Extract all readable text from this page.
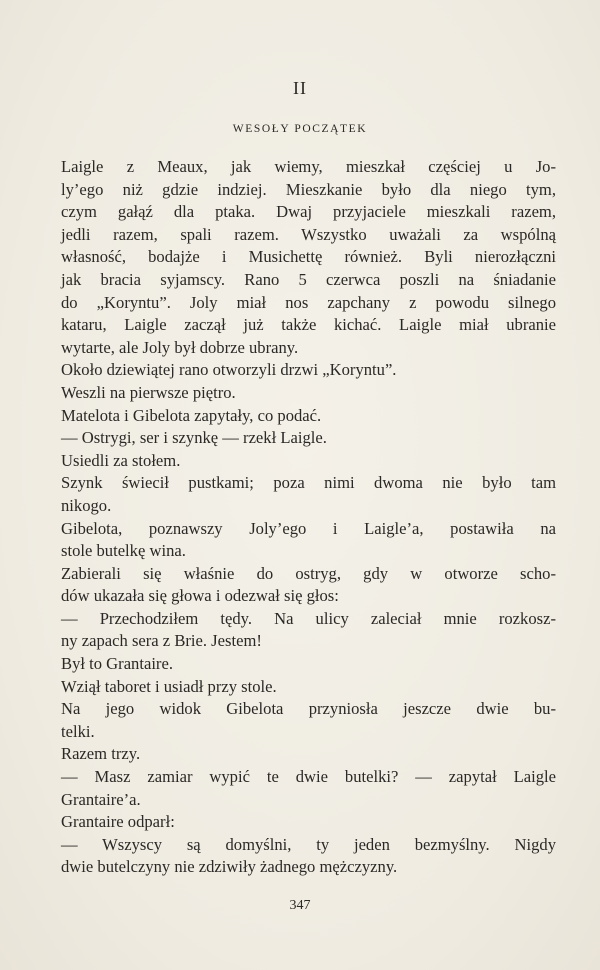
II
WESOŁY POCZĄTEK

Laigle z Meaux, jak wiemy, mieszkał częściej u Jo-

ly’ego niż gdzie indziej. Mieszkanie było dla niego tym,

czym gałąź dla ptaka. Dwaj przyjaciele mieszkali razem,

jedli razem, spali razem. Wszystko uważali za wspólną

własność, bodajże i Musichettę również. Byli nierozłączni

jak bracia syjamscy. Rano 5 czerwca poszli na śniadanie

do „Koryntu”. Joly miał nos zapchany z powodu silnego

kataru, Laigle zaczął już także kichać. Laigle miał ubranie

wytarte, ale Joly był dobrze ubrany.

Około dziewiątej rano otworzyli drzwi „Koryntu”.

Weszli na pierwsze piętro.

Matelota i Gibelota zapytały, co podać.

— Ostrygi, ser i szynkę — rzekł Laigle.

Usiedli za stołem.

Szynk świecił pustkami; poza nimi dwoma nie było tam

nikogo.

Gibelota, poznawszy Joly’ego i Laigle’a, postawiła na

stole butelkę wina.

Zabierali się właśnie do ostryg, gdy w otworze scho-

dów ukazała się głowa i odezwał się głos:

— Przechodziłem tędy. Na ulicy zaleciał mnie rozkosz-

ny zapach sera z Brie. Jestem!

Był to Grantaire.

Wziął taboret i usiadł przy stole.

Na jego widok Gibelota przyniosła jeszcze dwie bu-

telki.

Razem trzy.

— Masz zamiar wypić te dwie butelki? — zapytał Laigle

Grantaire’a.

Grantaire odparł:

— Wszyscy są domyślni, ty jeden bezmyślny. Nigdy

dwie butelczyny nie zdziwiły żadnego mężczyzny.

347
